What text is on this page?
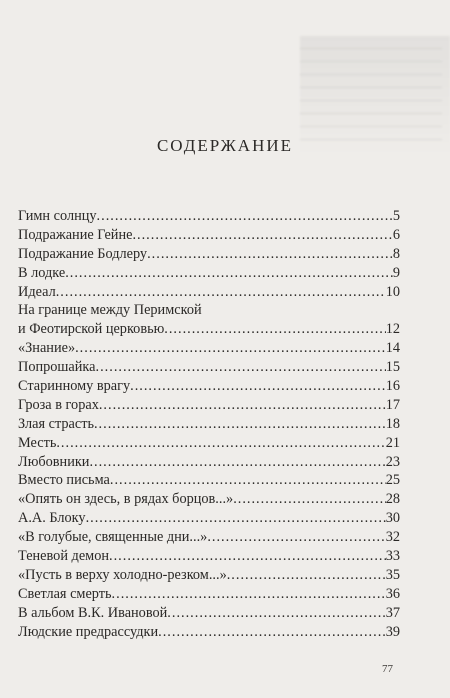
СОДЕРЖАНИЕ
Гимн солнцу .....	5
Подражание Гейне .....	6
Подражание Бодлеру .....	8
В лодке .....	9
Идеал .....	10
На границе между Перимской
и Феотирской церковью .....	12
«Знание» .....	14
Попрошайка .....	15
Старинному врагу .....	16
Гроза в горах .....	17
Злая страсть .....	18
Месть .....	21
Любовники .....	23
Вместо письма .....	25
«Опять он здесь, в рядах борцов...» .....	28
А.А. Блоку .....	30
«В голубые, священные дни...» .....	32
Теневой демон .....	33
«Пусть в верху холодно-резком...» .....	35
Светлая смерть .....	36
В альбом В.К. Ивановой .....	37
Людские предрассудки .....	39
77
